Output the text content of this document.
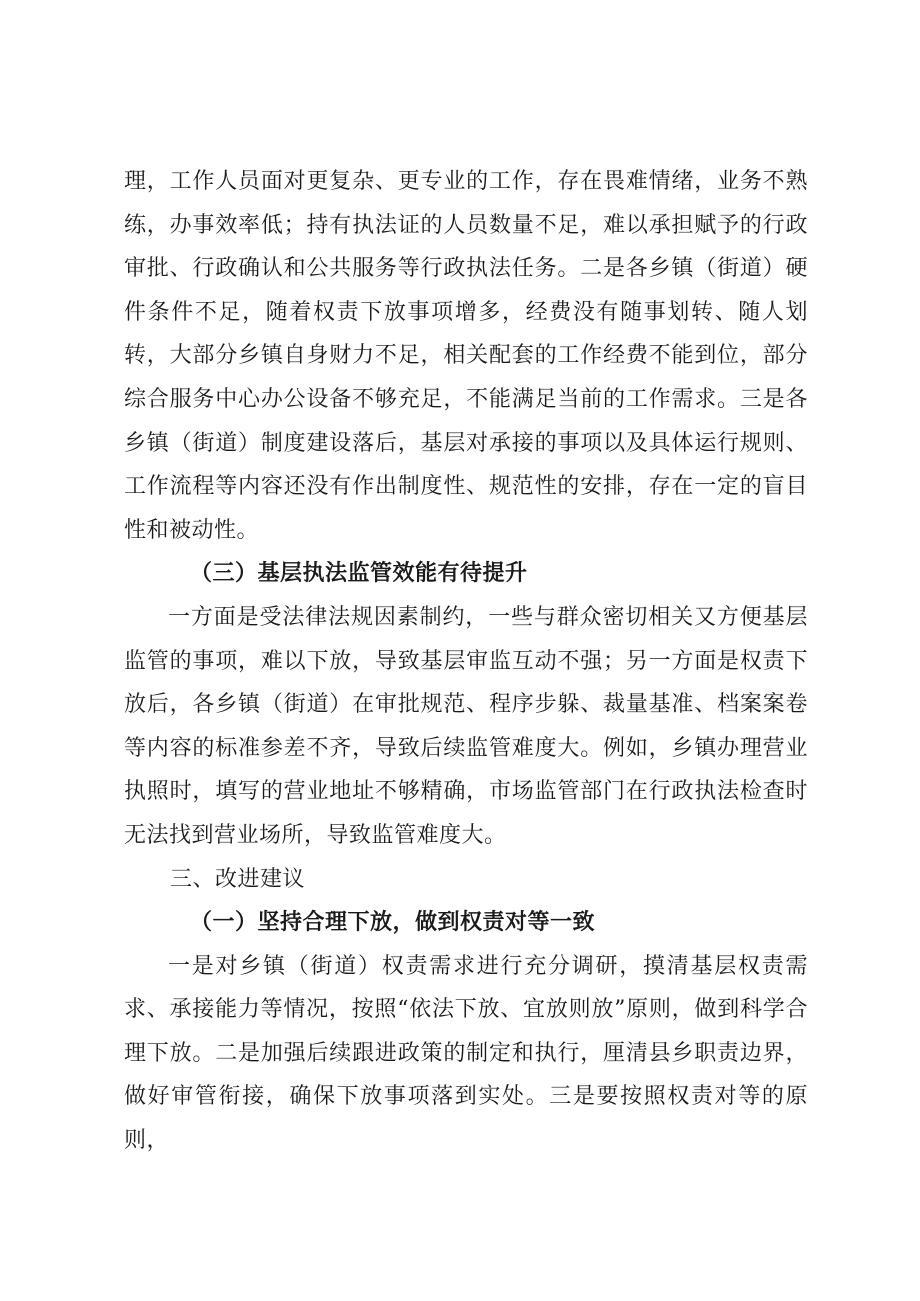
理，工作人员面对更复杂、更专业的工作，存在畏难情绪，业务不熟练，办事效率低；持有执法证的人员数量不足，难以承担赋予的行政审批、行政确认和公共服务等行政执法任务。二是各乡镇（街道）硬件条件不足，随着权责下放事项增多，经费没有随事划转、随人划转，大部分乡镇自身财力不足，相关配套的工作经费不能到位，部分综合服务中心办公设备不够充足，不能满足当前的工作需求。三是各乡镇（街道）制度建设落后，基层对承接的事项以及具体运行规则、工作流程等内容还没有作出制度性、规范性的安排，存在一定的盲目性和被动性。

（三）基层执法监管效能有待提升

一方面是受法律法规因素制约，一些与群众密切相关又方便基层监管的事项，难以下放，导致基层审监互动不强；另一方面是权责下放后，各乡镇（街道）在审批规范、程序步躲、裁量基准、档案案卷等内容的标准参差不齐，导致后续监管难度大。例如，乡镇办理营业执照时，填写的营业地址不够精确，市场监管部门在行政执法检查时无法找到营业场所，导致监管难度大。

三、改进建议

（一）坚持合理下放，做到权责对等一致

一是对乡镇（街道）权责需求进行充分调研，摸清基层权责需求、承接能力等情况，按照“依法下放、宜放则放”原则，做到科学合理下放。二是加强后续跟进政策的制定和执行，厘清县乡职责边界，做好审管衔接，确保下放事项落到实处。三是要按照权责对等的原则，
